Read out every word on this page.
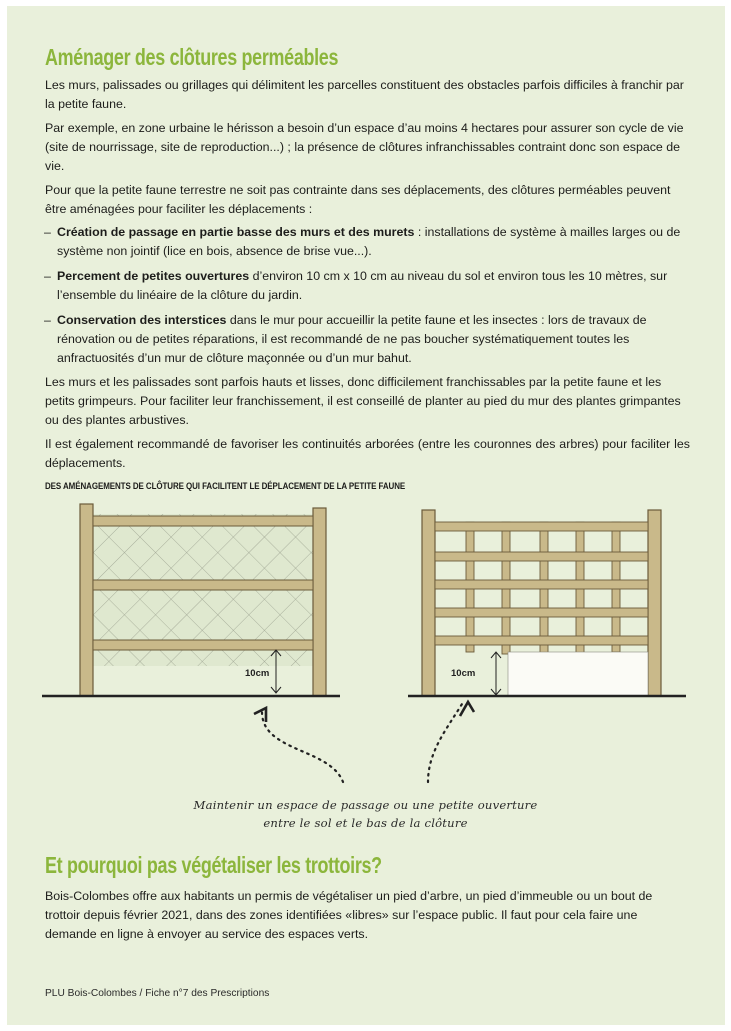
Aménager des clôtures perméables

Les murs, palissades ou grillages qui délimitent les parcelles constituent des obstacles parfois difficiles à franchir par la petite faune.

Par exemple, en zone urbaine le hérisson a besoin d’un espace d’au moins 4 hectares pour assurer son cycle de vie (site de nourrissage, site de reproduction...) ; la présence de clôtures infranchissables contraint donc son espace de vie.

Pour que la petite faune terrestre ne soit pas contrainte dans ses déplacements, des clôtures perméables peuvent être aménagées pour faciliter les déplacements :

– Création de passage en partie basse des murs et des murets : installations de système à mailles larges ou de système non jointif (lice en bois, absence de brise vue...).
– Percement de petites ouvertures d’environ 10 cm x 10 cm au niveau du sol et environ tous les 10 mètres, sur l’ensemble du linéaire de la clôture du jardin.
– Conservation des interstices dans le mur pour accueillir la petite faune et les insectes : lors de travaux de rénovation ou de petites réparations, il est recommandé de ne pas boucher systématiquement toutes les anfractuosités d’un mur de clôture maçonnée ou d’un mur bahut.

Les murs et les palissades sont parfois hauts et lisses, donc difficilement franchissables par la petite faune et les petits grimpeurs. Pour faciliter leur franchissement, il est conseillé de planter au pied du mur des plantes grimpantes ou des plantes arbustives.

Il est également recommandé de favoriser les continuités arborées (entre les couronnes des arbres) pour faciliter les déplacements.

DES AMÉNAGEMENTS DE CLÔTURE QUI FACILITENT LE DÉPLACEMENT DE LA PETITE FAUNE
10cm	10cm
Maintenir un espace de passage ou une petite ouverture
entre le sol et le bas de la clôture
Et pourquoi pas végétaliser les trottoirs?

Bois-Colombes offre aux habitants un permis de végétaliser un pied d’arbre, un pied d’immeuble ou un bout de trottoir depuis février 2021, dans des zones identifiées «libres» sur l’espace public. Il faut pour cela faire une demande en ligne à envoyer au service des espaces verts.

PLU Bois-Colombes / Fiche n°7 des Prescriptions
